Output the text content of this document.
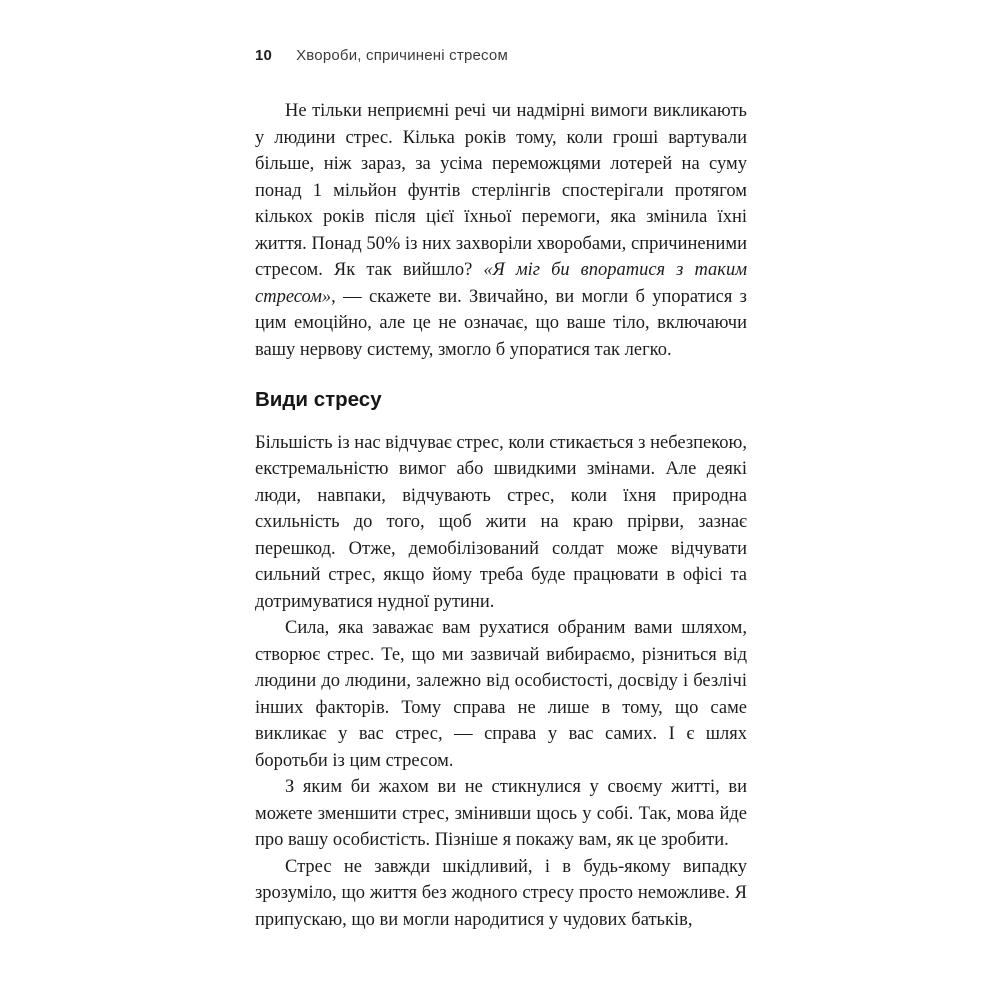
10 Хвороби, спричинені стресом

Не тільки неприємні речі чи надмірні вимоги викликають у людини стрес. Кілька років тому, коли гроші вартували більше, ніж зараз, за усіма переможцями лотерей на суму понад 1 мільйон фунтів стерлінгів спостерігали протягом кількох років після цієї їхньої перемоги, яка змінила їхні життя. Понад 50% із них захворіли хворобами, спричиненими стресом. Як так вийшло? «Я міг би впоратися з таким стресом», — скажете ви. Звичайно, ви могли б упоратися з цим емоційно, але це не означає, що ваше тіло, включаючи вашу нервову систему, змогло б упоратися так легко.

Види стресу

Більшість із нас відчуває стрес, коли стикається з небезпекою, екстремальністю вимог або швидкими змінами. Але деякі люди, навпаки, відчувають стрес, коли їхня природна схильність до того, щоб жити на краю прірви, зазнає перешкод. Отже, демобілізований солдат може відчувати сильний стрес, якщо йому треба буде працювати в офісі та дотримуватися нудної рутини.

Сила, яка заважає вам рухатися обраним вами шляхом, створює стрес. Те, що ми зазвичай вибираємо, різниться від людини до людини, залежно від особистості, досвіду і безлічі інших факторів. Тому справа не лише в тому, що саме викликає у вас стрес, — справа у вас самих. І є шлях боротьби із цим стресом.

З яким би жахом ви не стикнулися у своєму житті, ви можете зменшити стрес, змінивши щось у собі. Так, мова йде про вашу особистість. Пізніше я покажу вам, як це зробити.

Стрес не завжди шкідливий, і в будь-якому випадку зрозуміло, що життя без жодного стресу просто неможливе. Я припускаю, що ви могли народитися у чудових батьків,
